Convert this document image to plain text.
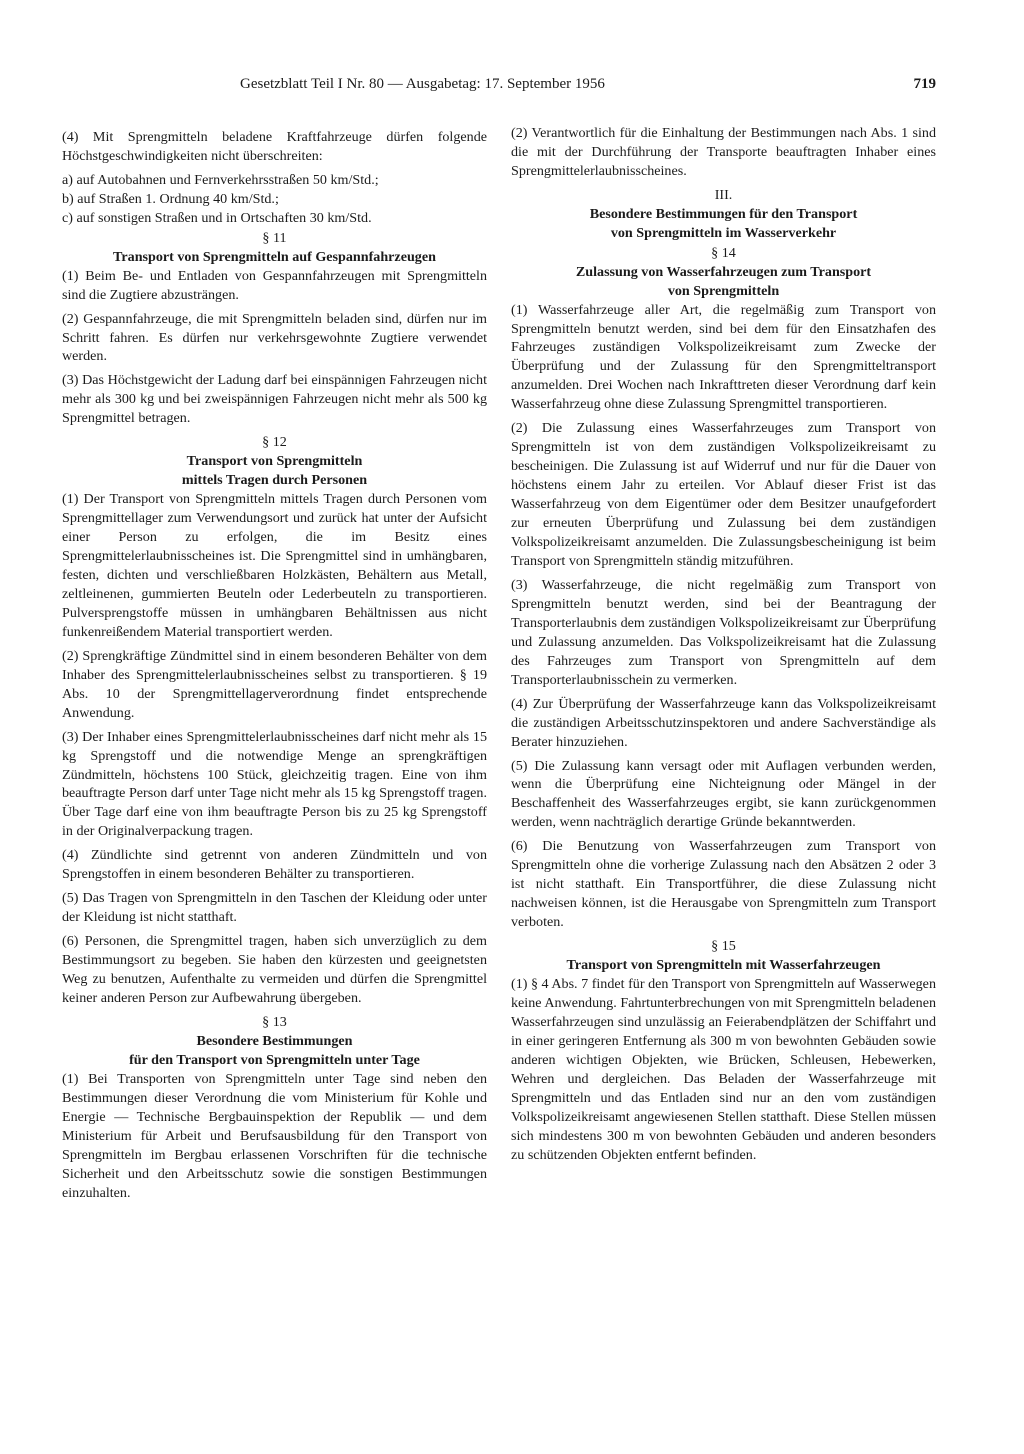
Gesetzblatt Teil I Nr. 80 — Ausgabetag: 17. September 1956	719

(4) Mit Sprengmitteln beladene Kraftfahrzeuge dürfen folgende Höchstgeschwindigkeiten nicht überschreiten:

a) auf Autobahnen und Fernverkehrsstraßen 50 km/Std.;
b) auf Straßen 1. Ordnung 40 km/Std.;
c) auf sonstigen Straßen und in Ortschaften 30 km/Std.
§ 11
Transport von Sprengmitteln auf Gespannfahrzeugen

(1) Beim Be- und Entladen von Gespannfahrzeugen mit Sprengmitteln sind die Zugtiere abzusträngen.

(2) Gespannfahrzeuge, die mit Sprengmitteln beladen sind, dürfen nur im Schritt fahren. Es dürfen nur verkehrsgewohnte Zugtiere verwendet werden.

(3) Das Höchstgewicht der Ladung darf bei einspännigen Fahrzeugen nicht mehr als 300 kg und bei zweispännigen Fahrzeugen nicht mehr als 500 kg Sprengmittel betragen.

§ 12
Transport von Sprengmitteln
mittels Tragen durch Personen

(1) Der Transport von Sprengmitteln mittels Tragen durch Personen vom Sprengmittellager zum Verwendungsort und zurück hat unter der Aufsicht einer Person zu erfolgen, die im Besitz eines Sprengmittelerlaubnisscheines ist. Die Sprengmittel sind in umhängbaren, festen, dichten und verschließbaren Holzkästen, Behältern aus Metall, zeltleinenen, gummierten Beuteln oder Lederbeuteln zu transportieren. Pulversprengstoffe müssen in umhängbaren Behältnissen aus nicht funkenreißendem Material transportiert werden.

(2) Sprengkräftige Zündmittel sind in einem besonderen Behälter von dem Inhaber des Sprengmittelerlaubnisscheines selbst zu transportieren. § 19 Abs. 10 der Sprengmittellagerverordnung findet entsprechende Anwendung.

(3) Der Inhaber eines Sprengmittelerlaubnisscheines darf nicht mehr als 15 kg Sprengstoff und die notwendige Menge an sprengkräftigen Zündmitteln, höchstens 100 Stück, gleichzeitig tragen. Eine von ihm beauftragte Person darf unter Tage nicht mehr als 15 kg Sprengstoff tragen. Über Tage darf eine von ihm beauftragte Person bis zu 25 kg Sprengstoff in der Originalverpackung tragen.

(4) Zündlichte sind getrennt von anderen Zündmitteln und von Sprengstoffen in einem besonderen Behälter zu transportieren.

(5) Das Tragen von Sprengmitteln in den Taschen der Kleidung oder unter der Kleidung ist nicht statthaft.

(6) Personen, die Sprengmittel tragen, haben sich unverzüglich zu dem Bestimmungsort zu begeben. Sie haben den kürzesten und geeignetsten Weg zu benutzen, Aufenthalte zu vermeiden und dürfen die Sprengmittel keiner anderen Person zur Aufbewahrung übergeben.

§ 13
Besondere Bestimmungen
für den Transport von Sprengmitteln unter Tage

(1) Bei Transporten von Sprengmitteln unter Tage sind neben den Bestimmungen dieser Verordnung die vom Ministerium für Kohle und Energie — Technische Bergbauinspektion der Republik — und dem Ministerium für Arbeit und Berufsausbildung für den Transport von Sprengmitteln im Bergbau erlassenen Vorschriften für die technische Sicherheit und den Arbeitsschutz sowie die sonstigen Bestimmungen einzuhalten.

(2) Verantwortlich für die Einhaltung der Bestimmungen nach Abs. 1 sind die mit der Durchführung der Transporte beauftragten Inhaber eines Sprengmittelerlaubnisscheines.

III.
Besondere Bestimmungen für den Transport
von Sprengmitteln im Wasserverkehr
§ 14
Zulassung von Wasserfahrzeugen zum Transport
von Sprengmitteln

(1) Wasserfahrzeuge aller Art, die regelmäßig zum Transport von Sprengmitteln benutzt werden, sind bei dem für den Einsatzhafen des Fahrzeuges zuständigen Volkspolizeikreisamt zum Zwecke der Überprüfung und der Zulassung für den Sprengmitteltransport anzumelden. Drei Wochen nach Inkrafttreten dieser Verordnung darf kein Wasserfahrzeug ohne diese Zulassung Sprengmittel transportieren.

(2) Die Zulassung eines Wasserfahrzeuges zum Transport von Sprengmitteln ist von dem zuständigen Volkspolizeikreisamt zu bescheinigen. Die Zulassung ist auf Widerruf und nur für die Dauer von höchstens einem Jahr zu erteilen. Vor Ablauf dieser Frist ist das Wasserfahrzeug von dem Eigentümer oder dem Besitzer unaufgefordert zur erneuten Überprüfung und Zulassung bei dem zuständigen Volkspolizeikreisamt anzumelden. Die Zulassungsbescheinigung ist beim Transport von Sprengmitteln ständig mitzuführen.

(3) Wasserfahrzeuge, die nicht regelmäßig zum Transport von Sprengmitteln benutzt werden, sind bei der Beantragung der Transporterlaubnis dem zuständigen Volkspolizeikreisamt zur Überprüfung und Zulassung anzumelden. Das Volkspolizeikreisamt hat die Zulassung des Fahrzeuges zum Transport von Sprengmitteln auf dem Transporterlaubnisschein zu vermerken.

(4) Zur Überprüfung der Wasserfahrzeuge kann das Volkspolizeikreisamt die zuständigen Arbeitsschutzinspektoren und andere Sachverständige als Berater hinzuziehen.

(5) Die Zulassung kann versagt oder mit Auflagen verbunden werden, wenn die Überprüfung eine Nichteignung oder Mängel in der Beschaffenheit des Wasserfahrzeuges ergibt, sie kann zurückgenommen werden, wenn nachträglich derartige Gründe bekanntwerden.

(6) Die Benutzung von Wasserfahrzeugen zum Transport von Sprengmitteln ohne die vorherige Zulassung nach den Absätzen 2 oder 3 ist nicht statthaft. Ein Transportführer, die diese Zulassung nicht nachweisen können, ist die Herausgabe von Sprengmitteln zum Transport verboten.

§ 15
Transport von Sprengmitteln mit Wasserfahrzeugen

(1) § 4 Abs. 7 findet für den Transport von Sprengmitteln auf Wasserwegen keine Anwendung. Fahrtunterbrechungen von mit Sprengmitteln beladenen Wasserfahrzeugen sind unzulässig an Feierabendplätzen der Schiffahrt und in einer geringeren Entfernung als 300 m von bewohnten Gebäuden sowie anderen wichtigen Objekten, wie Brücken, Schleusen, Hebewerken, Wehren und dergleichen. Das Beladen der Wasserfahrzeuge mit Sprengmitteln und das Entladen sind nur an den vom zuständigen Volkspolizeikreisamt angewiesenen Stellen statthaft. Diese Stellen müssen sich mindestens 300 m von bewohnten Gebäuden und anderen besonders zu schützenden Objekten entfernt befinden.
